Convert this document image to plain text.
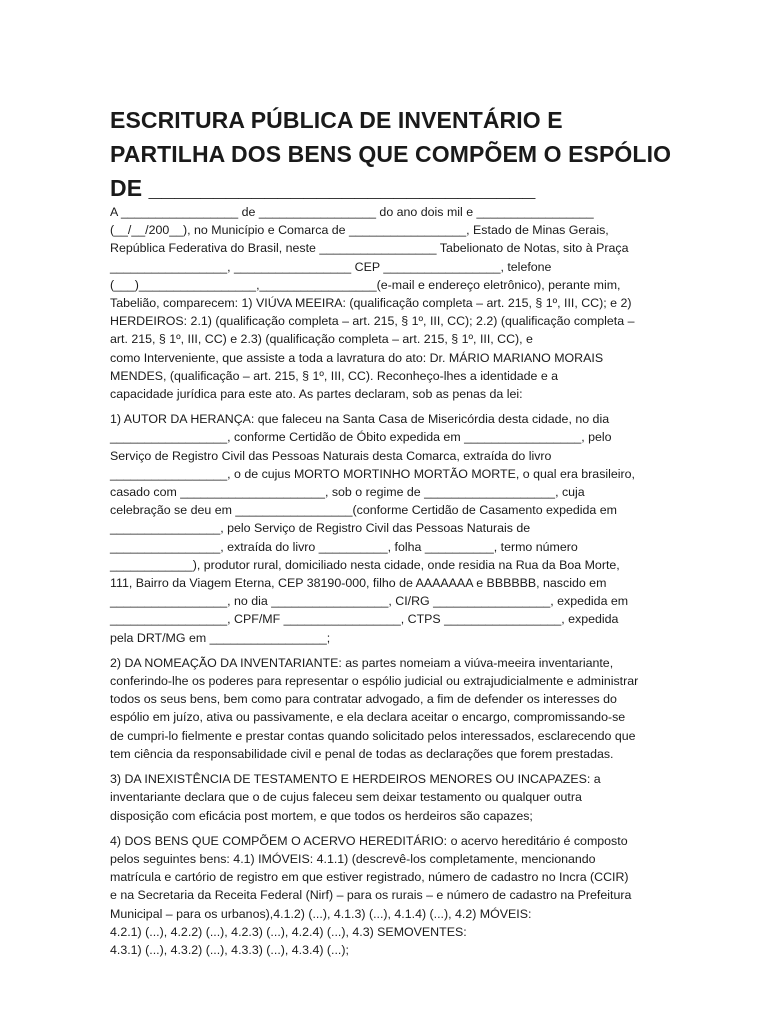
ESCRITURA PÚBLICA DE INVENTÁRIO E
PARTILHA DOS BENS QUE COMPÕEM O ESPÓLIO
DE ______________________________

A _________________ de _________________ do ano dois mil e _________________
(__/__/200__), no Município e Comarca de _________________, Estado de Minas Gerais,
República Federativa do Brasil, neste _________________ Tabelionato de Notas, sito à Praça
_________________, _________________ CEP _________________, telefone
(___)_________________,_________________(e-mail e endereço eletrônico), perante mim,
Tabelião, comparecem: 1) VIÚVA MEEIRA: (qualificação completa – art. 215, § 1º, III, CC); e 2)
HERDEIROS: 2.1) (qualificação completa – art. 215, § 1º, III, CC); 2.2) (qualificação completa –
art. 215, § 1º, III, CC) e 2.3) (qualificação completa – art. 215, § 1º, III, CC), e
como Interveniente, que assiste a toda a lavratura do ato: Dr. MÁRIO MARIANO MORAIS
MENDES, (qualificação – art. 215, § 1º, III, CC). Reconheço-lhes a identidade e a
capacidade jurídica para este ato. As partes declaram, sob as penas da lei:

1) AUTOR DA HERANÇA: que faleceu na Santa Casa de Misericórdia desta cidade, no dia
_________________, conforme Certidão de Óbito expedida em _________________, pelo
Serviço de Registro Civil das Pessoas Naturais desta Comarca, extraída do livro
_________________, o de cujus MORTO MORTINHO MORTÃO MORTE, o qual era brasileiro,
casado com _____________________, sob o regime de ___________________, cuja
celebração se deu em _________________(conforme Certidão de Casamento expedida em
________________, pelo Serviço de Registro Civil das Pessoas Naturais de
________________, extraída do livro __________, folha __________, termo número
____________), produtor rural, domiciliado nesta cidade, onde residia na Rua da Boa Morte,
111, Bairro da Viagem Eterna, CEP 38190-000, filho de AAAAAAA e BBBBBB, nascido em
_________________, no dia _________________, CI/RG _________________, expedida em
_________________, CPF/MF _________________, CTPS _________________, expedida
pela DRT/MG em _________________;

2) DA NOMEAÇÃO DA INVENTARIANTE: as partes nomeiam a viúva-meeira inventariante,
conferindo-lhe os poderes para representar o espólio judicial ou extrajudicialmente e administrar
todos os seus bens, bem como para contratar advogado, a fim de defender os interesses do
espólio em juízo, ativa ou passivamente, e ela declara aceitar o encargo, compromissando-se
de cumpri-lo fielmente e prestar contas quando solicitado pelos interessados, esclarecendo que
tem ciência da responsabilidade civil e penal de todas as declarações que forem prestadas.

3) DA INEXISTÊNCIA DE TESTAMENTO E HERDEIROS MENORES OU INCAPAZES: a
inventariante declara que o de cujus faleceu sem deixar testamento ou qualquer outra
disposição com eficácia post mortem, e que todos os herdeiros são capazes;

4) DOS BENS QUE COMPÕEM O ACERVO HEREDITÁRIO: o acervo hereditário é composto
pelos seguintes bens: 4.1) IMÓVEIS: 4.1.1) (descrevê-los completamente, mencionando
matrícula e cartório de registro em que estiver registrado, número de cadastro no Incra (CCIR)
e na Secretaria da Receita Federal (Nirf) – para os rurais – e número de cadastro na Prefeitura
Municipal – para os urbanos),4.1.2) (...), 4.1.3) (...), 4.1.4) (...), 4.2) MÓVEIS:
4.2.1) (...), 4.2.2) (...), 4.2.3) (...), 4.2.4) (...), 4.3) SEMOVENTES:
4.3.1) (...), 4.3.2) (...), 4.3.3) (...), 4.3.4) (...);
